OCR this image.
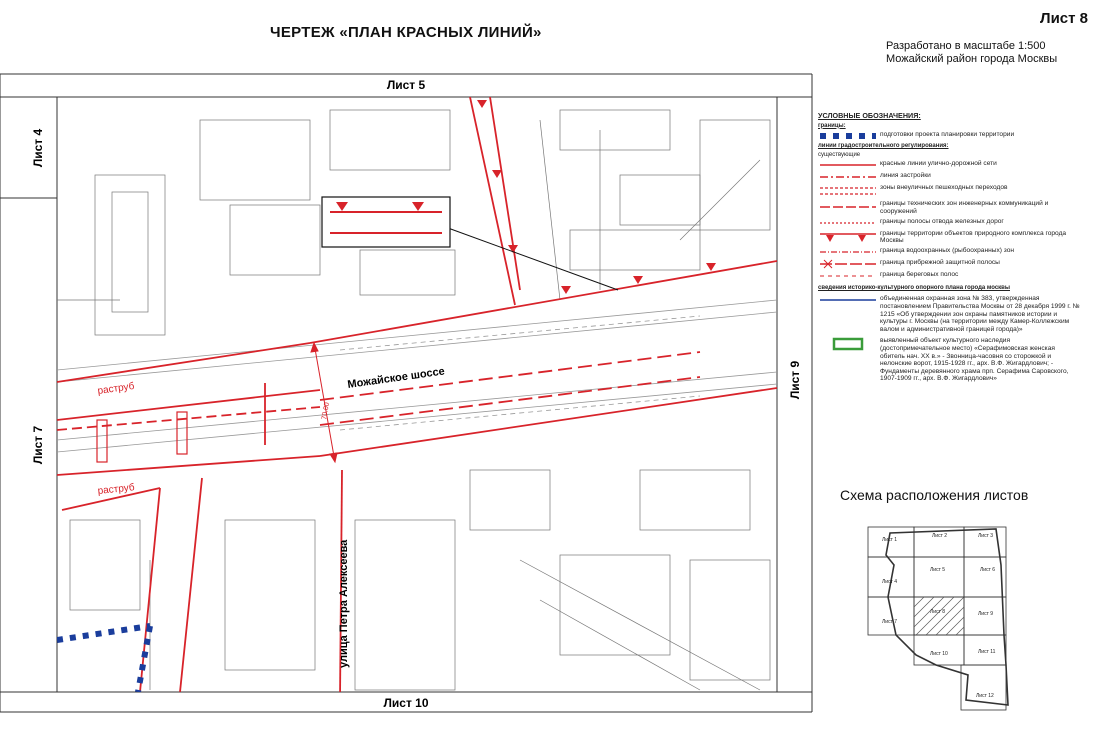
ЧЕРТЕЖ «ПЛАН КРАСНЫХ ЛИНИЙ»
Лист 8
Разработано в масштабе 1:500
Можайский район города Москвы
Лист 5
Лист 10
Лист 4
Лист 7
Лист 9
Можайское шоссе
улица Петра Алексеева
раструб
раструб
70.00
УСЛОВНЫЕ ОБОЗНАЧЕНИЯ:
границы:
подготовки проекта планировки территории
линии градостроительного регулирования:
существующие
красные линии улично-дорожной сети
линия застройки
зоны внеуличных пешеходных переходов
границы технических зон инженерных коммуникаций и сооружений
границы полосы отвода железных дорог
границы территории объектов природного комплекса города Москвы
граница водоохранных (рыбоохранных) зон
граница прибрежной защитной полосы
граница береговых полос
сведения историко-культурного опорного плана города москвы
объединенная охранная зона № 383, утвержденная постановлением Правительства Москвы от 28 декабря 1999 г. № 1215 «Об утверждении зон охраны памятников истории и культуры г. Москвы (на территории между Камер-Коллежским валом и административной границей города)»
выявленный объект культурного наследия (достопримечательное место) «Серафимовская женская обитель нач. XX в.» - Звонница-часовня со сторожкой и нелонские ворот, 1915-1928 гг., арх. В.Ф. Жигардлович; - Фундаменты деревянного храма прп. Серафима Саровского, 1907-1909 гг., арх. В.Ф. Жигардлович»
Схема расположения листов
Лист 1
Лист 2	Лист 3
Лист 4
Лист 5	Лист 6
Лист 7
Лист 8	Лист 9
Лист 10	Лист 11
Лист 12
